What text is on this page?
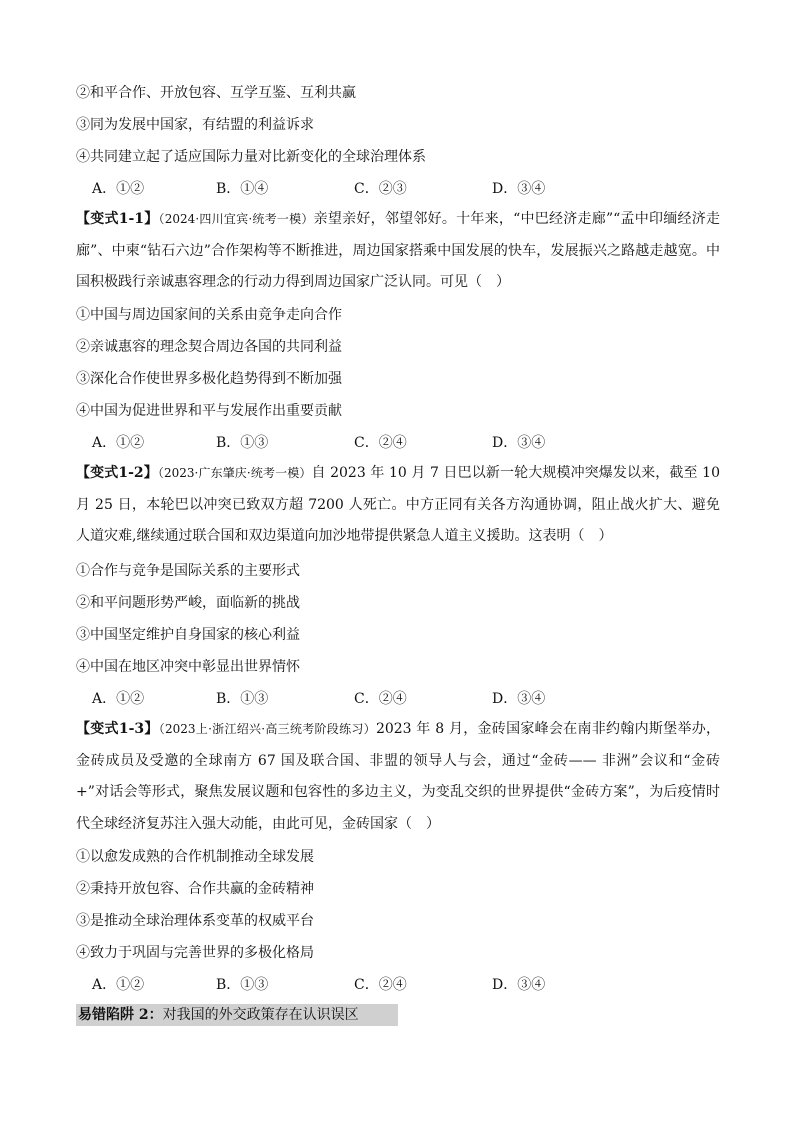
②和平合作、开放包容、互学互鉴、互利共赢
③同为发展中国家，有结盟的利益诉求
④共同建立起了适应国际力量对比新变化的全球治理体系
A．①②	B．①④	C．②③	D．③④
【变式1-1】（2024·四川宜宾·统考一模）亲望亲好，邻望邻好。十年来，“中巴经济走廊”“孟中印缅经济走廊”、中柬“钻石六边”合作架构等不断推进，周边国家搭乘中国发展的快车，发展振兴之路越走越宽。中国积极践行亲诚惠容理念的行动力得到周边国家广泛认同。可见（　）
①中国与周边国家间的关系由竞争走向合作
②亲诚惠容的理念契合周边各国的共同利益
③深化合作使世界多极化趋势得到不断加强
④中国为促进世界和平与发展作出重要贡献
A．①②	B．①③	C．②④	D．③④
【变式1-2】（2023·广东肇庆·统考一模）自 2023 年 10 月 7 日巴以新一轮大规模冲突爆发以来，截至 10 月 25 日，本轮巴以冲突已致双方超 7200 人死亡。中方正同有关各方沟通协调，阻止战火扩大、避免人道灾难,继续通过联合国和双边渠道向加沙地带提供紧急人道主义援助。这表明（　）
①合作与竞争是国际关系的主要形式
②和平问题形势严峻，面临新的挑战
③中国坚定维护自身国家的核心利益
④中国在地区冲突中彰显出世界情怀
A．①②	B．①③	C．②④	D．③④
【变式1-3】（2023上·浙江绍兴·高三统考阶段练习）2023 年 8 月，金砖国家峰会在南非约翰内斯堡举办，金砖成员及受邀的全球南方 67 国及联合国、非盟的领导人与会，通过“金砖—— 非洲”会议和“金砖+”对话会等形式，聚焦发展议题和包容性的多边主义，为变乱交织的世界提供“金砖方案”，为后疫情时代全球经济复苏注入强大动能，由此可见，金砖国家（　）
①以愈发成熟的合作机制推动全球发展
②秉持开放包容、合作共赢的金砖精神
③是推动全球治理体系变革的权威平台
④致力于巩固与完善世界的多极化格局
A．①②	B．①③	C．②④	D．③④
易错陷阱 2：对我国的外交政策存在认识误区
